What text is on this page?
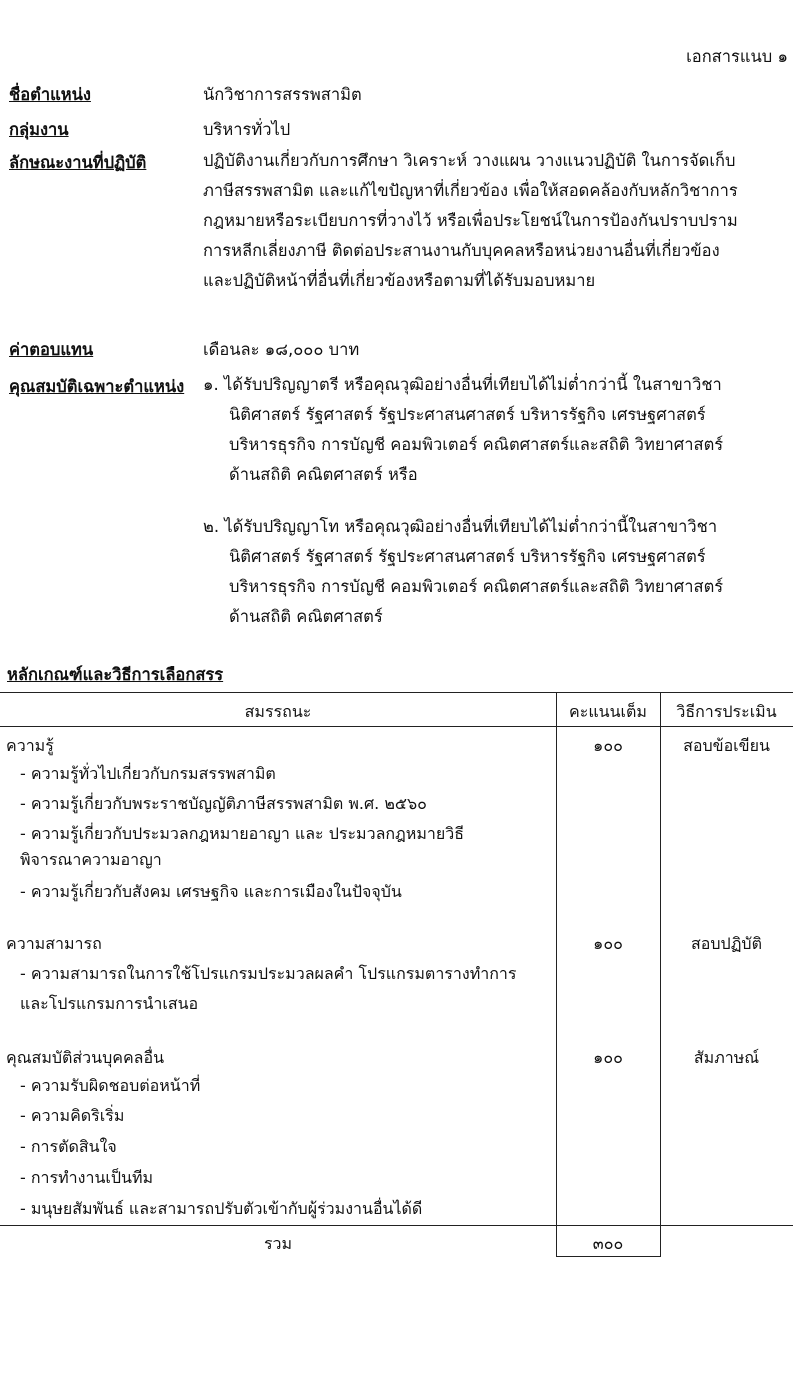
เอกสารแนบ ๑
ชื่อตำแหน่ง	นักวิชาการสรรพสามิต
กลุ่มงาน	บริหารทั่วไป
ลักษณะงานที่ปฏิบัติ	ปฏิบัติงานเกี่ยวกับการศึกษา วิเคราะห์ วางแผน วางแนวปฏิบัติ ในการจัดเก็บ
ภาษีสรรพสามิต และแก้ไขปัญหาที่เกี่ยวข้อง เพื่อให้สอดคล้องกับหลักวิชาการ
กฎหมายหรือระเบียบการที่วางไว้ หรือเพื่อประโยชน์ในการป้องกันปราบปราม
การหลีกเลี่ยงภาษี ติดต่อประสานงานกับบุคคลหรือหน่วยงานอื่นที่เกี่ยวข้อง
และปฏิบัติหน้าที่อื่นที่เกี่ยวข้องหรือตามที่ได้รับมอบหมาย
ค่าตอบแทน	เดือนละ ๑๘,๐๐๐ บาท
คุณสมบัติเฉพาะตำแหน่ง ๑. ได้รับปริญญาตรี หรือคุณวุฒิอย่างอื่นที่เทียบได้ไม่ต่ำกว่านี้ ในสาขาวิชา
นิติศาสตร์ รัฐศาสตร์ รัฐประศาสนศาสตร์ บริหารรัฐกิจ เศรษฐศาสตร์
บริหารธุรกิจ การบัญชี คอมพิวเตอร์ คณิตศาสตร์และสถิติ วิทยาศาสตร์
ด้านสถิติ คณิตศาสตร์ หรือ
๒. ได้รับปริญญาโท หรือคุณวุฒิอย่างอื่นที่เทียบได้ไม่ต่ำกว่านี้ในสาขาวิชา
นิติศาสตร์ รัฐศาสตร์ รัฐประศาสนศาสตร์ บริหารรัฐกิจ เศรษฐศาสตร์
บริหารธุรกิจ การบัญชี คอมพิวเตอร์ คณิตศาสตร์และสถิติ วิทยาศาสตร์
ด้านสถิติ คณิตศาสตร์
หลักเกณฑ์และวิธีการเลือกสรร
สมรรถนะ	คะแนนเต็ม	วิธีการประเมิน
ความรู้	๑๐๐	สอบข้อเขียน
- ความรู้ทั่วไปเกี่ยวกับกรมสรรพสามิต
- ความรู้เกี่ยวกับพระราชบัญญัติภาษีสรรพสามิต พ.ศ. ๒๕๖๐
- ความรู้เกี่ยวกับประมวลกฎหมายอาญา และ ประมวลกฎหมายวิธี
พิจารณาความอาญา
- ความรู้เกี่ยวกับสังคม เศรษฐกิจ และการเมืองในปัจจุบัน
ความสามารถ	๑๐๐	สอบปฏิบัติ
- ความสามารถในการใช้โปรแกรมประมวลผลคำ โปรแกรมตารางทำการ
และโปรแกรมการนำเสนอ
คุณสมบัติส่วนบุคคลอื่น	๑๐๐	สัมภาษณ์
- ความรับผิดชอบต่อหน้าที่
- ความคิดริเริ่ม
- การตัดสินใจ
- การทำงานเป็นทีม
- มนุษยสัมพันธ์ และสามารถปรับตัวเข้ากับผู้ร่วมงานอื่นได้ดี
รวม	๓๐๐
